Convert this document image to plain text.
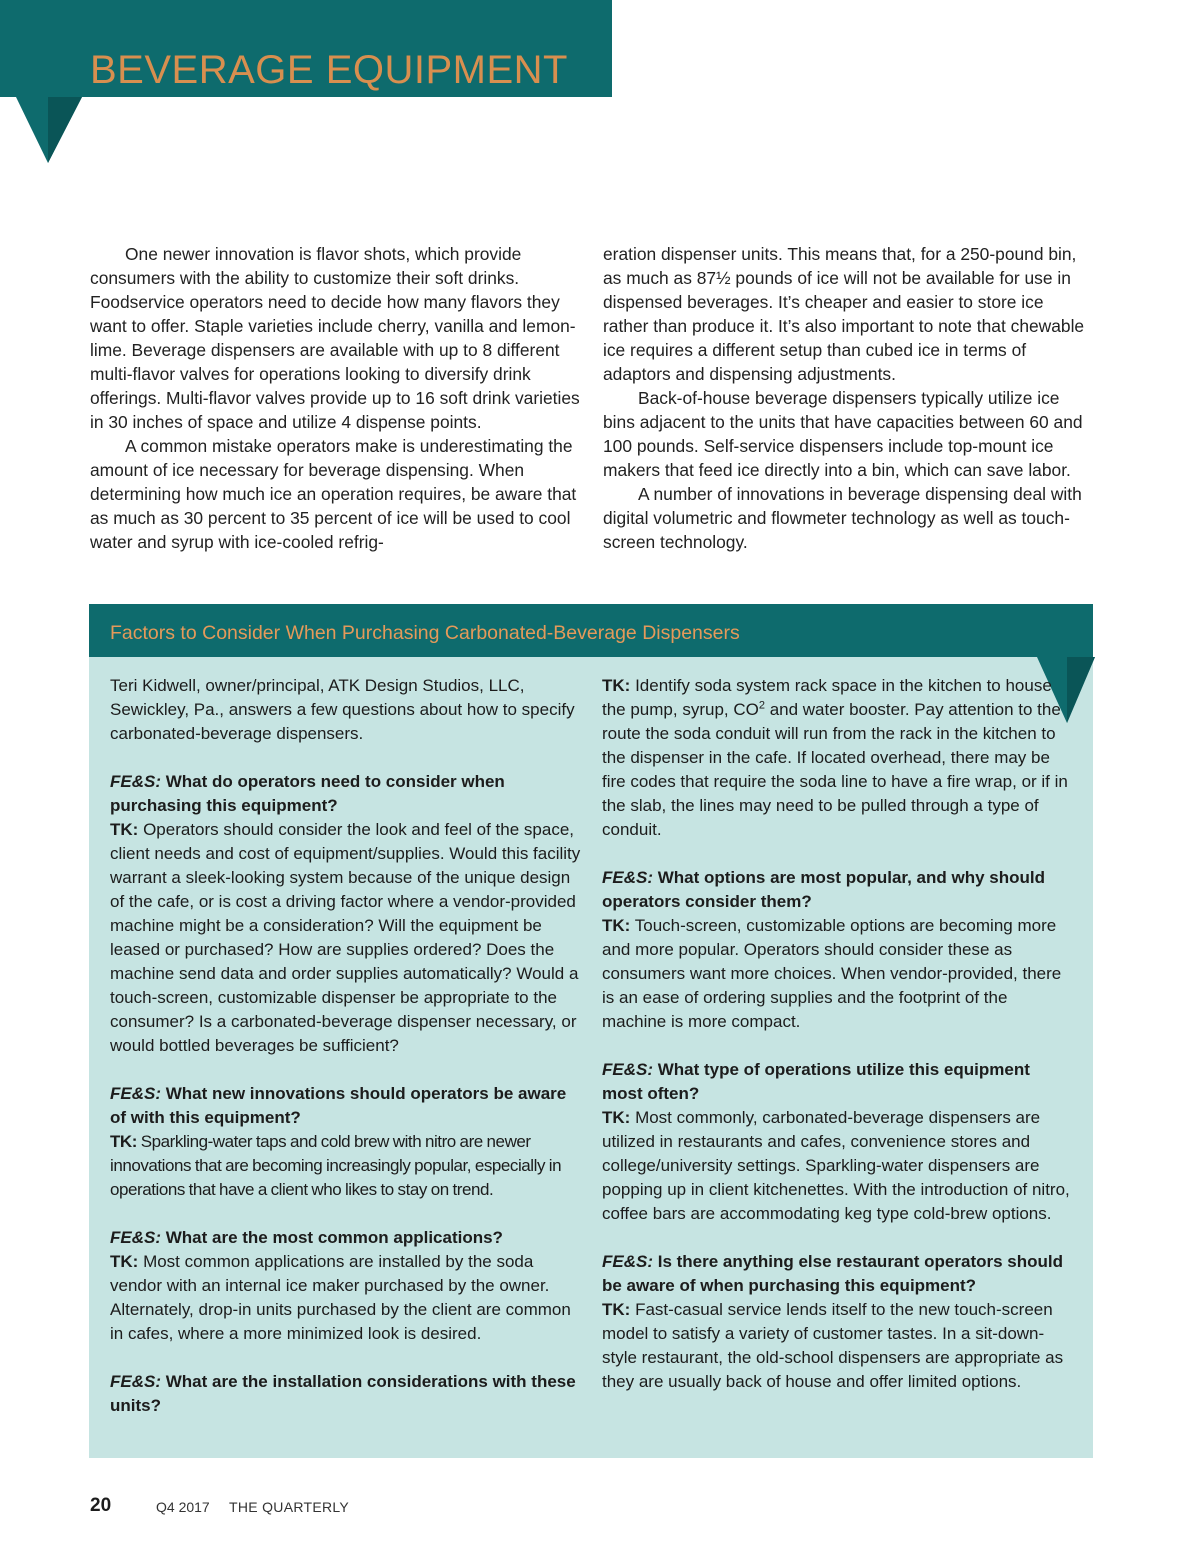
BEVERAGE EQUIPMENT

One newer innovation is flavor shots, which provide consumers with the ability to customize their soft drinks. Foodservice operators need to decide how many flavors they want to offer. Staple varieties include cherry, vanilla and lemon-lime. Beverage dispensers are available with up to 8 different multi-flavor valves for operations looking to diversify drink offerings. Multi-flavor valves provide up to 16 soft drink varieties in 30 inches of space and utilize 4 dispense points.

A common mistake operators make is underestimating the amount of ice necessary for beverage dispensing. When determining how much ice an operation requires, be aware that as much as 30 percent to 35 percent of ice will be used to cool water and syrup with ice-cooled refrig-

eration dispenser units. This means that, for a 250-pound bin, as much as 87½ pounds of ice will not be available for use in dispensed beverages. It’s cheaper and easier to store ice rather than produce it. It’s also important to note that chewable ice requires a different setup than cubed ice in terms of adaptors and dispensing adjustments.

Back-of-house beverage dispensers typically utilize ice bins adjacent to the units that have capacities between 60 and 100 pounds. Self-service dispensers include top-mount ice makers that feed ice directly into a bin, which can save labor.

A number of innovations in beverage dispensing deal with digital volumetric and flowmeter technology as well as touch-screen technology.

Factors to Consider When Purchasing Carbonated-Beverage Dispensers

Teri Kidwell, owner/principal, ATK Design Studios, LLC, Sewickley, Pa., answers a few questions about how to specify carbonated-beverage dispensers.

FE&S: What do operators need to consider when purchasing this equipment?

TK: Operators should consider the look and feel of the space, client needs and cost of equipment/supplies. Would this facility warrant a sleek-looking system because of the unique design of the cafe, or is cost a driving factor where a vendor-provided machine might be a consideration? Will the equipment be leased or purchased? How are supplies ordered? Does the machine send data and order supplies automatically? Would a touch-screen, customizable dispenser be appropriate to the consumer? Is a carbonated-beverage dispenser necessary, or would bottled beverages be sufficient?

FE&S: What new innovations should operators be aware of with this equipment?

TK: Sparkling-water taps and cold brew with nitro are newer innovations that are becoming increasingly popular, especially in operations that have a client who likes to stay on trend.

FE&S: What are the most common applications?

TK: Most common applications are installed by the soda vendor with an internal ice maker purchased by the owner. Alternately, drop-in units purchased by the client are common in cafes, where a more minimized look is desired.

FE&S: What are the installation considerations with these units?

TK: Identify soda system rack space in the kitchen to house the pump, syrup, $CO^2$ and water booster. Pay attention to the route the soda conduit will run from the rack in the kitchen to the dispenser in the cafe. If located overhead, there may be fire codes that require the soda line to have a fire wrap, or if in the slab, the lines may need to be pulled through a type of conduit.

FE&S: What options are most popular, and why should operators consider them?

TK: Touch-screen, customizable options are becoming more and more popular. Operators should consider these as consumers want more choices. When vendor-provided, there is an ease of ordering supplies and the footprint of the machine is more compact.

FE&S: What type of operations utilize this equipment most often?

TK: Most commonly, carbonated-beverage dispensers are utilized in restaurants and cafes, convenience stores and college/university settings. Sparkling-water dispensers are popping up in client kitchenettes. With the introduction of nitro, coffee bars are accommodating keg type cold-brew options.

FE&S: Is there anything else restaurant operators should be aware of when purchasing this equipment?

TK: Fast-casual service lends itself to the new touch-screen model to satisfy a variety of customer tastes. In a sit-down-style restaurant, the old-school dispensers are appropriate as they are usually back of house and offer limited options.

20	Q4 2017 THE QUARTERLY
